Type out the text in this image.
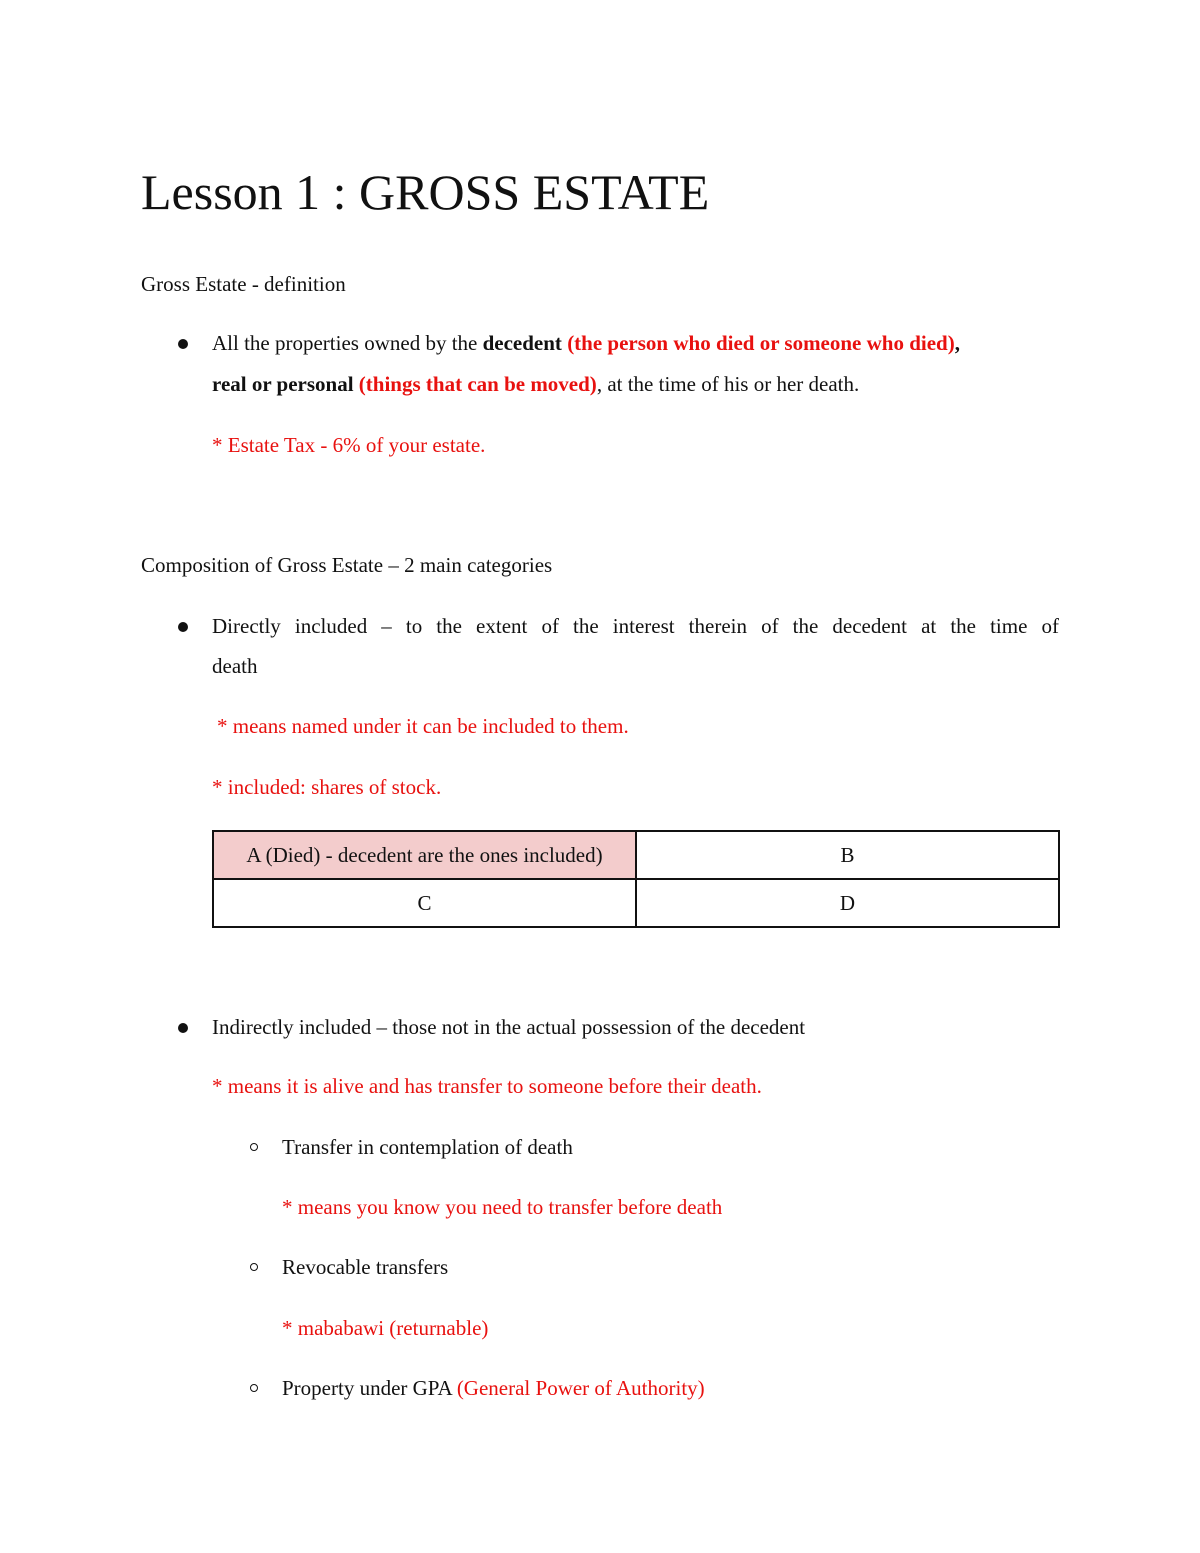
Lesson 1 : GROSS ESTATE
Gross Estate - definition
All the properties owned by the decedent (the person who died or someone who died),
real or personal (things that can be moved), at the time of his or her death.
* Estate Tax - 6% of your estate.
Composition of Gross Estate – 2 main categories
Directly included – to the extent of the interest therein of the decedent at the time of
death
* means named under it can be included to them.
* included: shares of stock.
A (Died) - decedent are the ones included)	B
C	D
Indirectly included – those not in the actual possession of the decedent
* means it is alive and has transfer to someone before their death.
Transfer in contemplation of death
* means you know you need to transfer before death
Revocable transfers
* mababawi (returnable)
Property under GPA (General Power of Authority)
